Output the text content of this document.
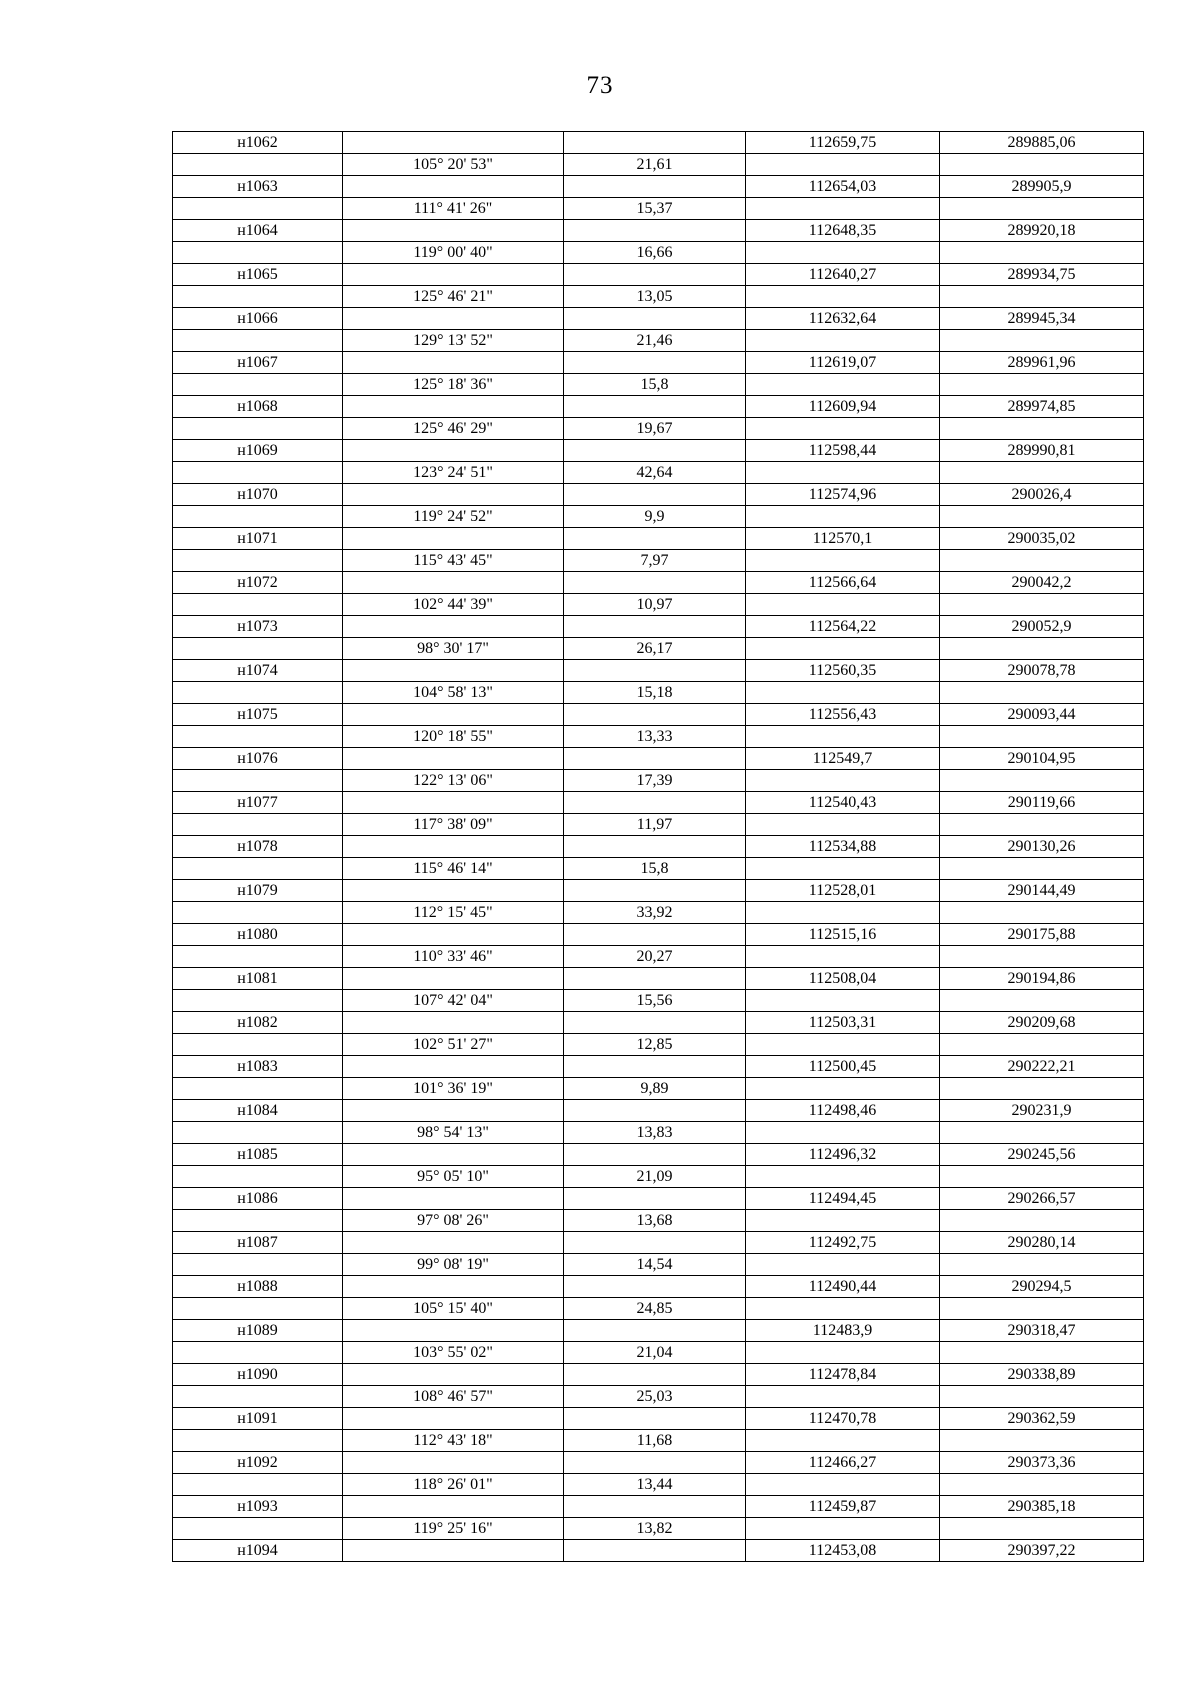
73
н1062			112659,75	289885,06
	105° 20' 53"	21,61		
н1063			112654,03	289905,9
	111° 41' 26"	15,37		
н1064			112648,35	289920,18
	119° 00' 40"	16,66		
н1065			112640,27	289934,75
	125° 46' 21"	13,05		
н1066			112632,64	289945,34
	129° 13' 52"	21,46		
н1067			112619,07	289961,96
	125° 18' 36"	15,8		
н1068			112609,94	289974,85
	125° 46' 29"	19,67		
н1069			112598,44	289990,81
	123° 24' 51"	42,64		
н1070			112574,96	290026,4
	119° 24' 52"	9,9		
н1071			112570,1	290035,02
	115° 43' 45"	7,97		
н1072			112566,64	290042,2
	102° 44' 39"	10,97		
н1073			112564,22	290052,9
	98° 30' 17"	26,17		
н1074			112560,35	290078,78
	104° 58' 13"	15,18		
н1075			112556,43	290093,44
	120° 18' 55"	13,33		
н1076			112549,7	290104,95
	122° 13' 06"	17,39		
н1077			112540,43	290119,66
	117° 38' 09"	11,97		
н1078			112534,88	290130,26
	115° 46' 14"	15,8		
н1079			112528,01	290144,49
	112° 15' 45"	33,92		
н1080			112515,16	290175,88
	110° 33' 46"	20,27		
н1081			112508,04	290194,86
	107° 42' 04"	15,56		
н1082			112503,31	290209,68
	102° 51' 27"	12,85		
н1083			112500,45	290222,21
	101° 36' 19"	9,89		
н1084			112498,46	290231,9
	98° 54' 13"	13,83		
н1085			112496,32	290245,56
	95° 05' 10"	21,09		
н1086			112494,45	290266,57
	97° 08' 26"	13,68		
н1087			112492,75	290280,14
	99° 08' 19"	14,54		
н1088			112490,44	290294,5
	105° 15' 40"	24,85		
н1089			112483,9	290318,47
	103° 55' 02"	21,04		
н1090			112478,84	290338,89
	108° 46' 57"	25,03		
н1091			112470,78	290362,59
	112° 43' 18"	11,68		
н1092			112466,27	290373,36
	118° 26' 01"	13,44		
н1093			112459,87	290385,18
	119° 25' 16"	13,82		
н1094			112453,08	290397,22
